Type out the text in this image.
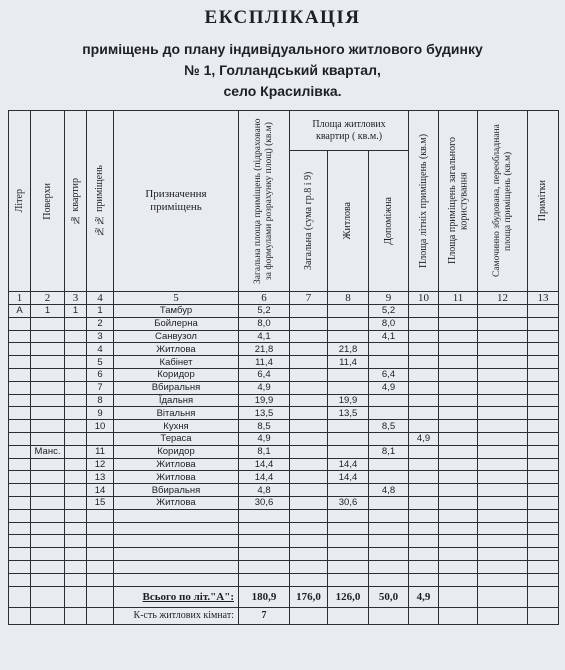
ЕКСПЛІКАЦІЯ
приміщень до плану індивідуального житлового будинку
№ 1, Голландський квартал,
село Красилівка.
Літер	Поверхи	№ квартир	№№ приміщень	Призначення приміщень	Загальна площа приміщень (підраховано за формулами розрахунку площ) (кв.м)	Площа житлових квартир ( кв.м.)			Площа літніх приміщень (кв.м)	Площа приміщень загального користування	Самочинно збудована, переобладнана площа приміщень (кв.м)	Примітки

						Загальна (сума гр.8 і 9)	Житлова	Допоміжна				

1	2	3	4	5	6	7	8	9	10	11	12	13
А	1	1	1	Тамбур	5,2			5,2				
			2	Бойлерна	8,0			8,0				
			3	Санвузол	4,1			4,1				
			4	Житлова	21,8		21,8					
			5	Кабінет	11,4		11,4					
			6	Коридор	6,4			6,4				
			7	Вбиральня	4,9			4,9				
			8	Їдальня	19,9		19,9					
			9	Вітальня	13,5		13,5					
			10	Кухня	8,5			8,5				
				Тераса	4,9				4,9			
	Манс.		11	Коридор	8,1			8,1				
			12	Житлова	14,4		14,4					
			13	Житлова	14,4		14,4					
			14	Вбиральня	4,8			4,8				
			15	Житлова	30,6		30,6					

				Всього по літ."А":	180,9	176,0	126,0	50,0	4,9			
				К-сть житлових кімнат:	7							
